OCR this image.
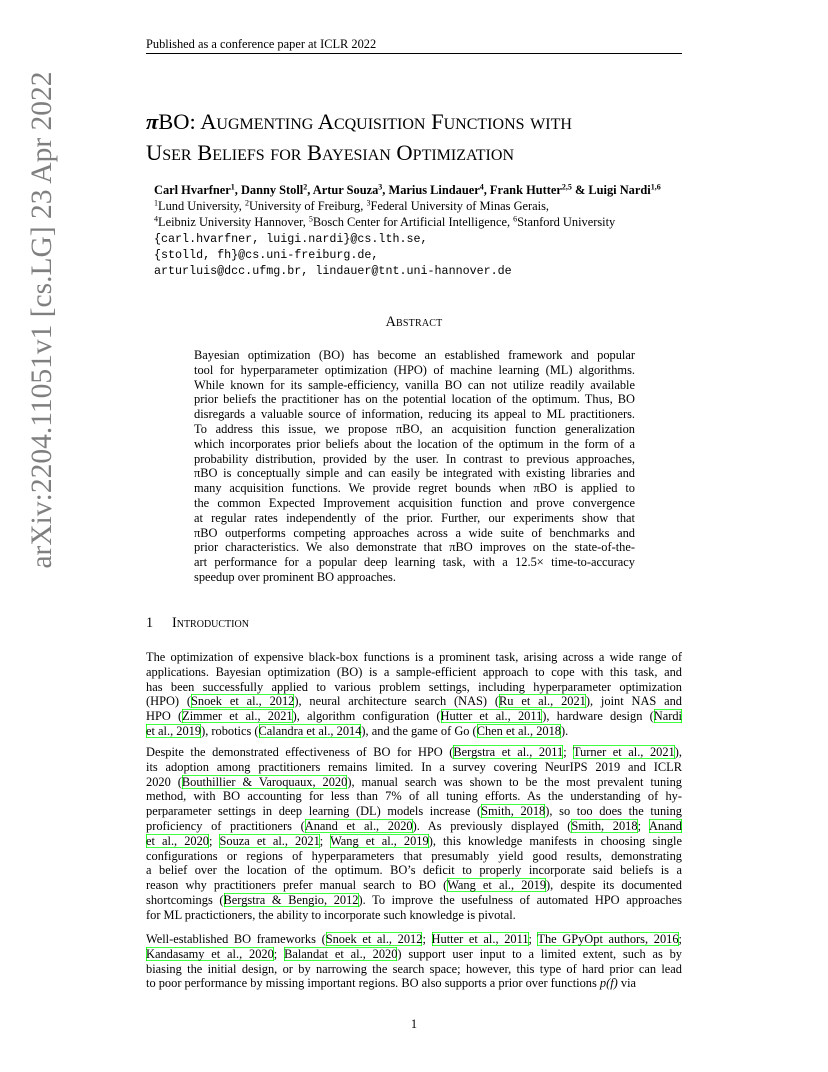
Published as a conference paper at ICLR 2022
arXiv:2204.11051v1 [cs.LG] 23 Apr 2022	πBO: Augmenting Acquisition Functions with
User Beliefs for Bayesian Optimization
Carl Hvarfner$^1$, Danny Stoll$^2$, Artur Souza$^3$, Marius Lindauer$^4$, Frank Hutter$^{2,5}$ & Luigi Nardi$^{1,6}$
$^1$Lund University, $^2$University of Freiburg, $^3$Federal University of Minas Gerais,
$^4$Leibniz University Hannover, $^5$Bosch Center for Artificial Intelligence, $^6$Stanford University
{carl.hvarfner, luigi.nardi}@cs.lth.se,
{stolld, fh}@cs.uni-freiburg.de,
arturluis@dcc.ufmg.br, lindauer@tnt.uni-hannover.de
Abstract
Bayesian optimization (BO) has become an established framework and popular
tool for hyperparameter optimization (HPO) of machine learning (ML) algorithms.
While known for its sample-efficiency, vanilla BO can not utilize readily available
prior beliefs the practitioner has on the potential location of the optimum. Thus, BO
disregards a valuable source of information, reducing its appeal to ML practitioners.
To address this issue, we propose πBO, an acquisition function generalization
which incorporates prior beliefs about the location of the optimum in the form of a
probability distribution, provided by the user. In contrast to previous approaches,
πBO is conceptually simple and can easily be integrated with existing libraries and
many acquisition functions. We provide regret bounds when πBO is applied to
the common Expected Improvement acquisition function and prove convergence
at regular rates independently of the prior. Further, our experiments show that
πBO outperforms competing approaches across a wide suite of benchmarks and
prior characteristics. We also demonstrate that πBO improves on the state-of-the-
art performance for a popular deep learning task, with a 12.5× time-to-accuracy
speedup over prominent BO approaches.
1 Introduction
The optimization of expensive black-box functions is a prominent task, arising across a wide range of
applications. Bayesian optimization (BO) is a sample-efficient approach to cope with this task, and
has been successfully applied to various problem settings, including hyperparameter optimization
(HPO) (Snoek et al., 2012), neural architecture search (NAS) (Ru et al., 2021), joint NAS and
HPO (Zimmer et al., 2021), algorithm configuration (Hutter et al., 2011), hardware design (Nardi
et al., 2019), robotics (Calandra et al., 2014), and the game of Go (Chen et al., 2018).
Despite the demonstrated effectiveness of BO for HPO (Bergstra et al., 2011; Turner et al., 2021),
its adoption among practitioners remains limited. In a survey covering NeurIPS 2019 and ICLR
2020 (Bouthillier & Varoquaux, 2020), manual search was shown to be the most prevalent tuning
method, with BO accounting for less than 7% of all tuning efforts. As the understanding of hy-
perparameter settings in deep learning (DL) models increase (Smith, 2018), so too does the tuning
proficiency of practitioners (Anand et al., 2020). As previously displayed (Smith, 2018; Anand
et al., 2020; Souza et al., 2021; Wang et al., 2019), this knowledge manifests in choosing single
configurations or regions of hyperparameters that presumably yield good results, demonstrating
a belief over the location of the optimum. BO’s deficit to properly incorporate said beliefs is a
reason why practitioners prefer manual search to BO (Wang et al., 2019), despite its documented
shortcomings (Bergstra & Bengio, 2012). To improve the usefulness of automated HPO approaches
for ML practictioners, the ability to incorporate such knowledge is pivotal.
Well-established BO frameworks (Snoek et al., 2012; Hutter et al., 2011; The GPyOpt authors, 2016;
Kandasamy et al., 2020; Balandat et al., 2020) support user input to a limited extent, such as by
biasing the initial design, or by narrowing the search space; however, this type of hard prior can lead
to poor performance by missing important regions. BO also supports a prior over functions p(f) via
1
